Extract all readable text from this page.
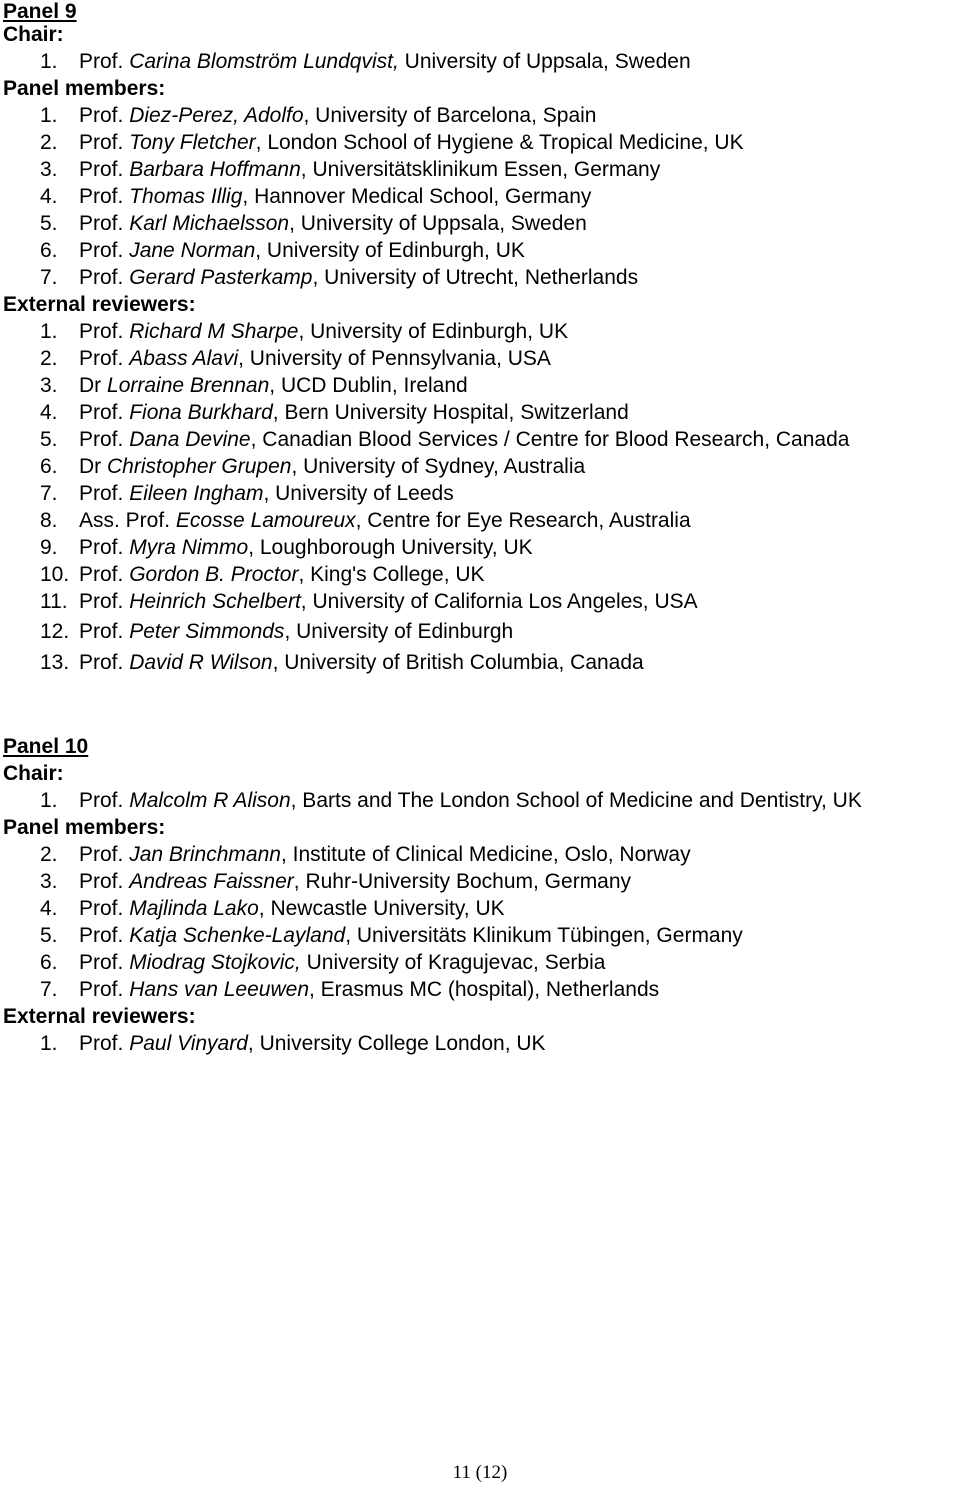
Panel 9
Chair:
1. Prof. Carina Blomström Lundqvist, University of Uppsala, Sweden
Panel members:
1. Prof. Diez-Perez, Adolfo, University of Barcelona, Spain
2. Prof. Tony Fletcher, London School of Hygiene & Tropical Medicine, UK
3. Prof. Barbara Hoffmann, Universitätsklinikum Essen, Germany
4. Prof. Thomas Illig, Hannover Medical School, Germany
5. Prof. Karl Michaelsson, University of Uppsala, Sweden
6. Prof. Jane Norman, University of Edinburgh, UK
7. Prof. Gerard Pasterkamp, University of Utrecht, Netherlands
External reviewers:
1. Prof. Richard M Sharpe, University of Edinburgh, UK
2. Prof. Abass Alavi, University of Pennsylvania, USA
3. Dr Lorraine Brennan, UCD Dublin, Ireland
4. Prof. Fiona Burkhard, Bern University Hospital, Switzerland
5. Prof. Dana Devine, Canadian Blood Services / Centre for Blood Research, Canada
6. Dr Christopher Grupen, University of Sydney, Australia
7. Prof. Eileen Ingham, University of Leeds
8. Ass. Prof. Ecosse Lamoureux, Centre for Eye Research, Australia
9. Prof. Myra Nimmo, Loughborough University, UK
10. Prof. Gordon B. Proctor, King's College, UK
11. Prof. Heinrich Schelbert, University of California Los Angeles, USA
12. Prof. Peter Simmonds, University of Edinburgh
13. Prof. David R Wilson, University of British Columbia, Canada
Panel 10
Chair:
1. Prof. Malcolm R Alison, Barts and The London School of Medicine and Dentistry, UK
Panel members:
2. Prof. Jan Brinchmann, Institute of Clinical Medicine, Oslo, Norway
3. Prof. Andreas Faissner, Ruhr-University Bochum, Germany
4. Prof. Majlinda Lako, Newcastle University, UK
5. Prof. Katja Schenke-Layland, Universitäts Klinikum Tübingen, Germany
6. Prof. Miodrag Stojkovic, University of Kragujevac, Serbia
7. Prof. Hans van Leeuwen, Erasmus MC (hospital), Netherlands
External reviewers:
1. Prof. Paul Vinyard, University College London, UK
11 (12)
